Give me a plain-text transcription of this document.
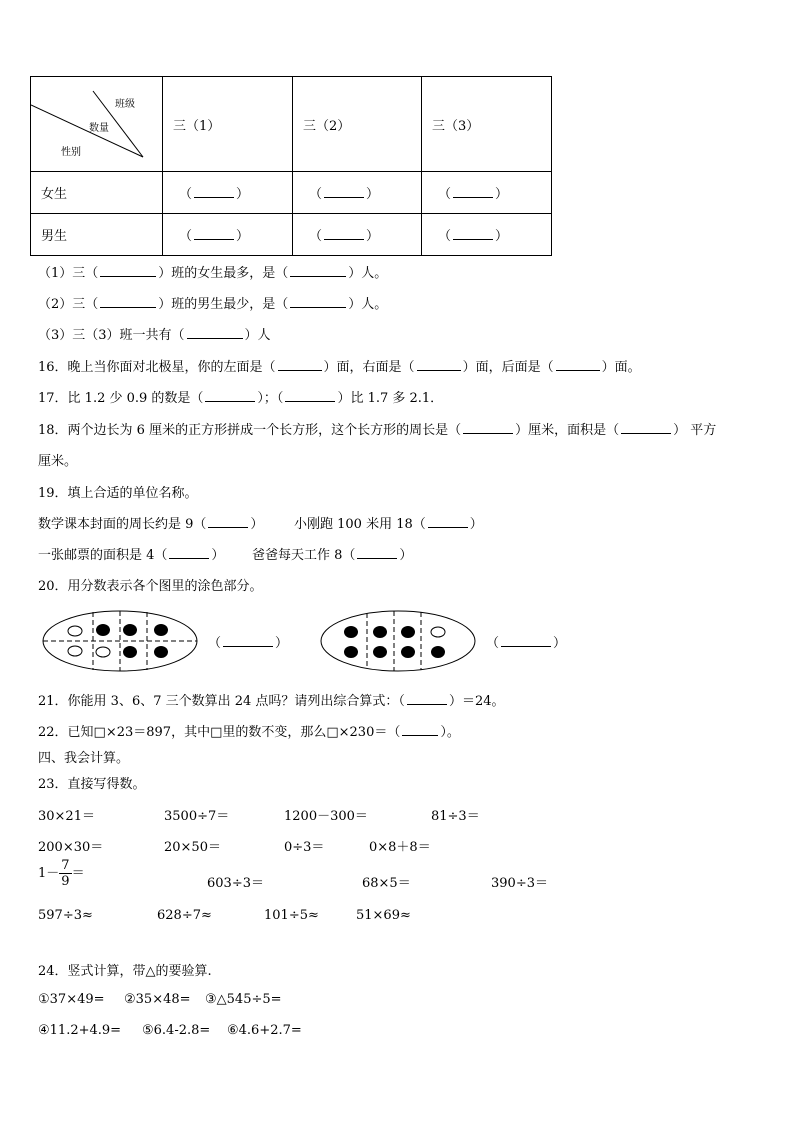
班级
数量
性别	三（1）	三（2）	三（3）
女生	（ ）	（ ）	（ ）
男生	（ ）	（ ）	（ ）
（1）三（	）班的女生最多，是（	）人。
（2）三（	）班的男生最少，是（	）人。
（3）三（3）班一共有（	）人
16．晚上当你面对北极星，你的左面是（	）面，右面是（	）面，后面是（	）面。
17．比 1.2 少 0.9 的数是（	）；（	）比 1.7 多 2.1．
18．两个边长为 6 厘米的正方形拼成一个长方形，这个长方形的周长是（	）厘米，面积是（	） 平方
厘米。
19．填上合适的单位名称。
数学课本封面的周长约是 9（	） 小刚跑 100 米用 18（	）
一张邮票的面积是 4（	） 爸爸每天工作 8（	）
20．用分数表示各个图里的涂色部分。
（	）	（	）
21．你能用 3、6、7 三个数算出 24 点吗？请列出综合算式：（	）＝24。
22．已知□×23＝897，其中□里的数不变，那么□×230＝（	）。
四、我会计算。
23．直接写得数。
30×21＝	3500÷7＝	1200－300＝	81÷3＝
200×30＝	20×50＝	0÷3＝	0×8＋8＝
$1- \frac{7}{9}$ ＝
603÷3＝	68×5＝	390÷3＝
597÷3≈	628÷7≈	101÷5≈	51×69≈
24．竖式计算，带△的要验算.
①37×49= ②35×48= ③△545÷5=
④11.2+4.9= ⑤6.4-2.8= ⑥4.6+2.7=
